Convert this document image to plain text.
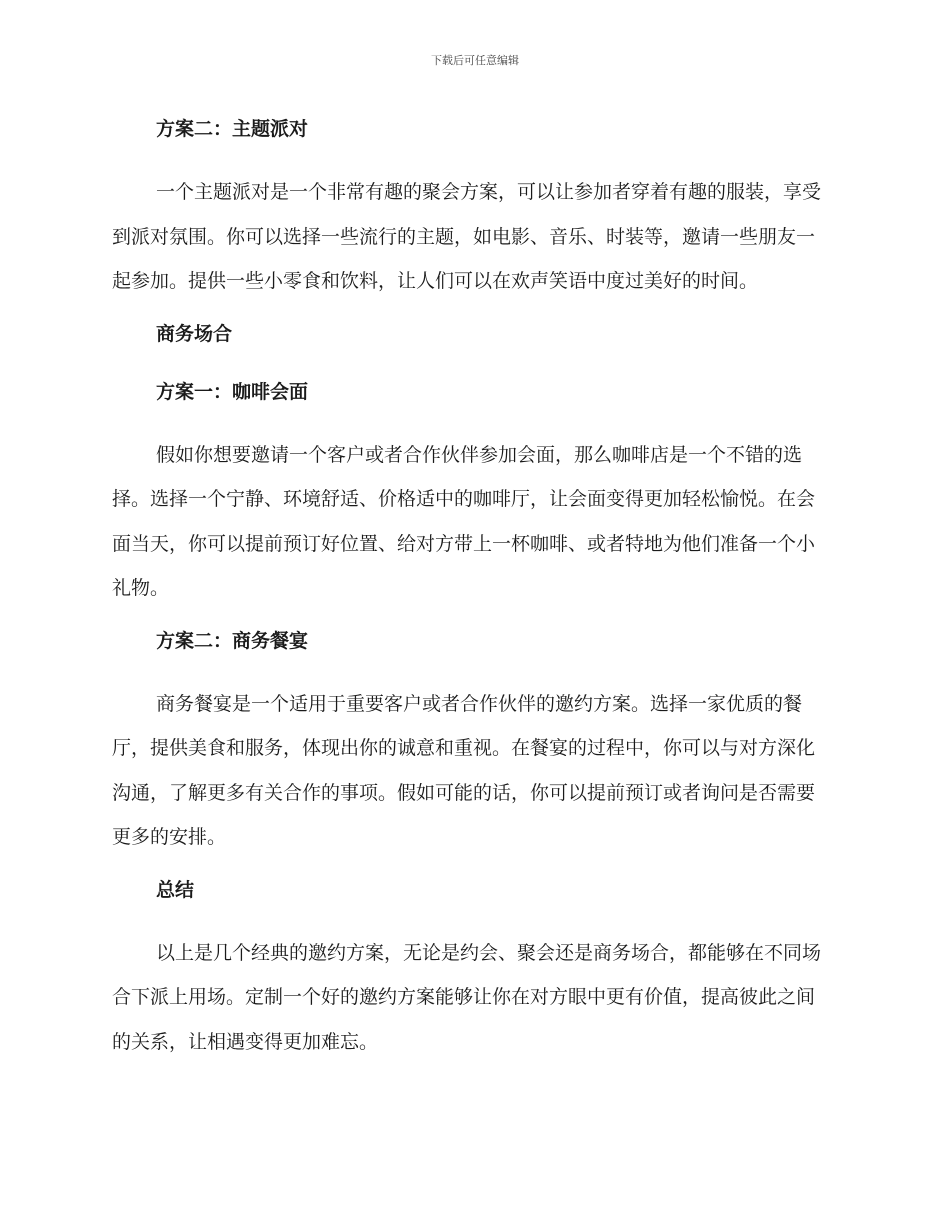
下载后可任意编辑
方案二：主题派对

一个主题派对是一个非常有趣的聚会方案，可以让参加者穿着有趣的服装，享受到派对氛围。你可以选择一些流行的主题，如电影、音乐、时装等，邀请一些朋友一起参加。提供一些小零食和饮料，让人们可以在欢声笑语中度过美好的时间。

商务场合
方案一：咖啡会面

假如你想要邀请一个客户或者合作伙伴参加会面，那么咖啡店是一个不错的选择。选择一个宁静、环境舒适、价格适中的咖啡厅，让会面变得更加轻松愉悦。在会面当天，你可以提前预订好位置、给对方带上一杯咖啡、或者特地为他们准备一个小礼物。

方案二：商务餐宴

商务餐宴是一个适用于重要客户或者合作伙伴的邀约方案。选择一家优质的餐厅，提供美食和服务，体现出你的诚意和重视。在餐宴的过程中，你可以与对方深化沟通，了解更多有关合作的事项。假如可能的话，你可以提前预订或者询问是否需要更多的安排。

总结

以上是几个经典的邀约方案，无论是约会、聚会还是商务场合，都能够在不同场合下派上用场。定制一个好的邀约方案能够让你在对方眼中更有价值，提高彼此之间的关系，让相遇变得更加难忘。
